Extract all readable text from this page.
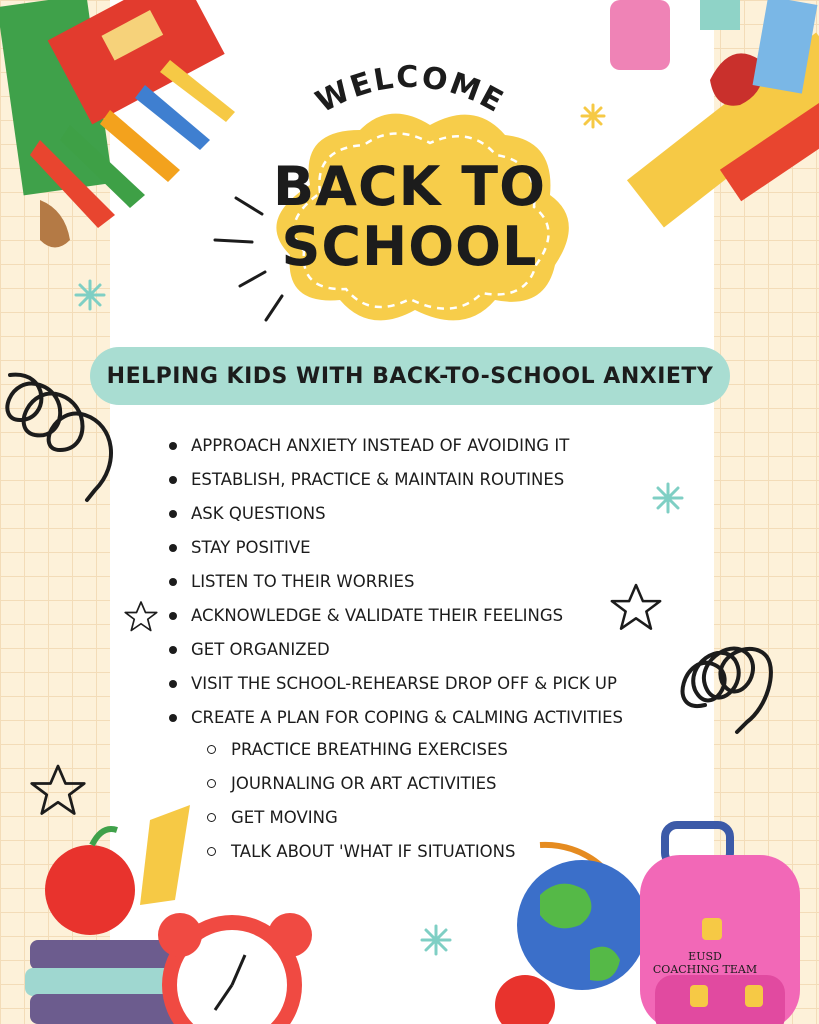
WELCOME
BACK TO
SCHOOL
HELPING KIDS WITH BACK-TO-SCHOOL ANXIETY
APPROACH ANXIETY INSTEAD OF AVOIDING IT
ESTABLISH, PRACTICE & MAINTAIN ROUTINES
ASK QUESTIONS
STAY POSITIVE
LISTEN TO THEIR WORRIES
ACKNOWLEDGE & VALIDATE THEIR FEELINGS
GET ORGANIZED
VISIT THE SCHOOL-REHEARSE DROP OFF & PICK UP
CREATE A PLAN FOR COPING & CALMING ACTIVITIES
PRACTICE BREATHING EXERCISES
JOURNALING OR ART ACTIVITIES
GET MOVING
TALK ABOUT 'WHAT IF SITUATIONS
EUSD
COACHING TEAM
